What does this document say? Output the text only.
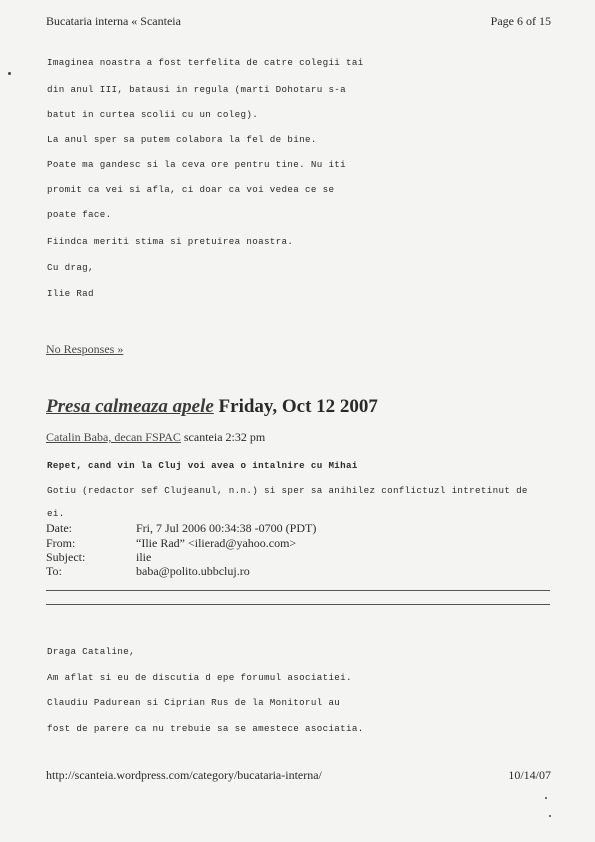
Bucataria interna « Scanteia	Page 6 of 15

Imaginea noastra a fost terfelita de catre colegii tai

din anul III, batausi in regula (marti Dohotaru s-a

batut in curtea scolii cu un coleg).

La anul sper sa putem colabora la fel de bine.

Poate ma gandesc si la ceva ore pentru tine. Nu iti

promit ca vei si afla, ci doar ca voi vedea ce se

poate face.

Fiindca meriti stima si pretuirea noastra.

Cu drag,

Ilie Rad

No Responses »
Presa calmeaza apele Friday, Oct 12 2007
Catalin Baba, decan FSPAC scanteia 2:32 pm

Repet, cand vin la Cluj voi avea o intalnire cu Mihai

Gotiu (redactor sef Clujeanul, n.n.) si sper sa anihilez conflictuzl intretinut de

ei.

Date:	Fri, 7 Jul 2006 00:34:38 -0700 (PDT)
From:	“Ilie Rad” <ilierad@yahoo.com>
Subject:	ilie
To:	baba@polito.ubbcluj.ro

Draga Cataline,

Am aflat si eu de discutia d epe forumul asociatiei.

Claudiu Padurean si Ciprian Rus de la Monitorul au

fost de parere ca nu trebuie sa se amestece asociatia.

http://scanteia.wordpress.com/category/bucataria-interna/	10/14/07
